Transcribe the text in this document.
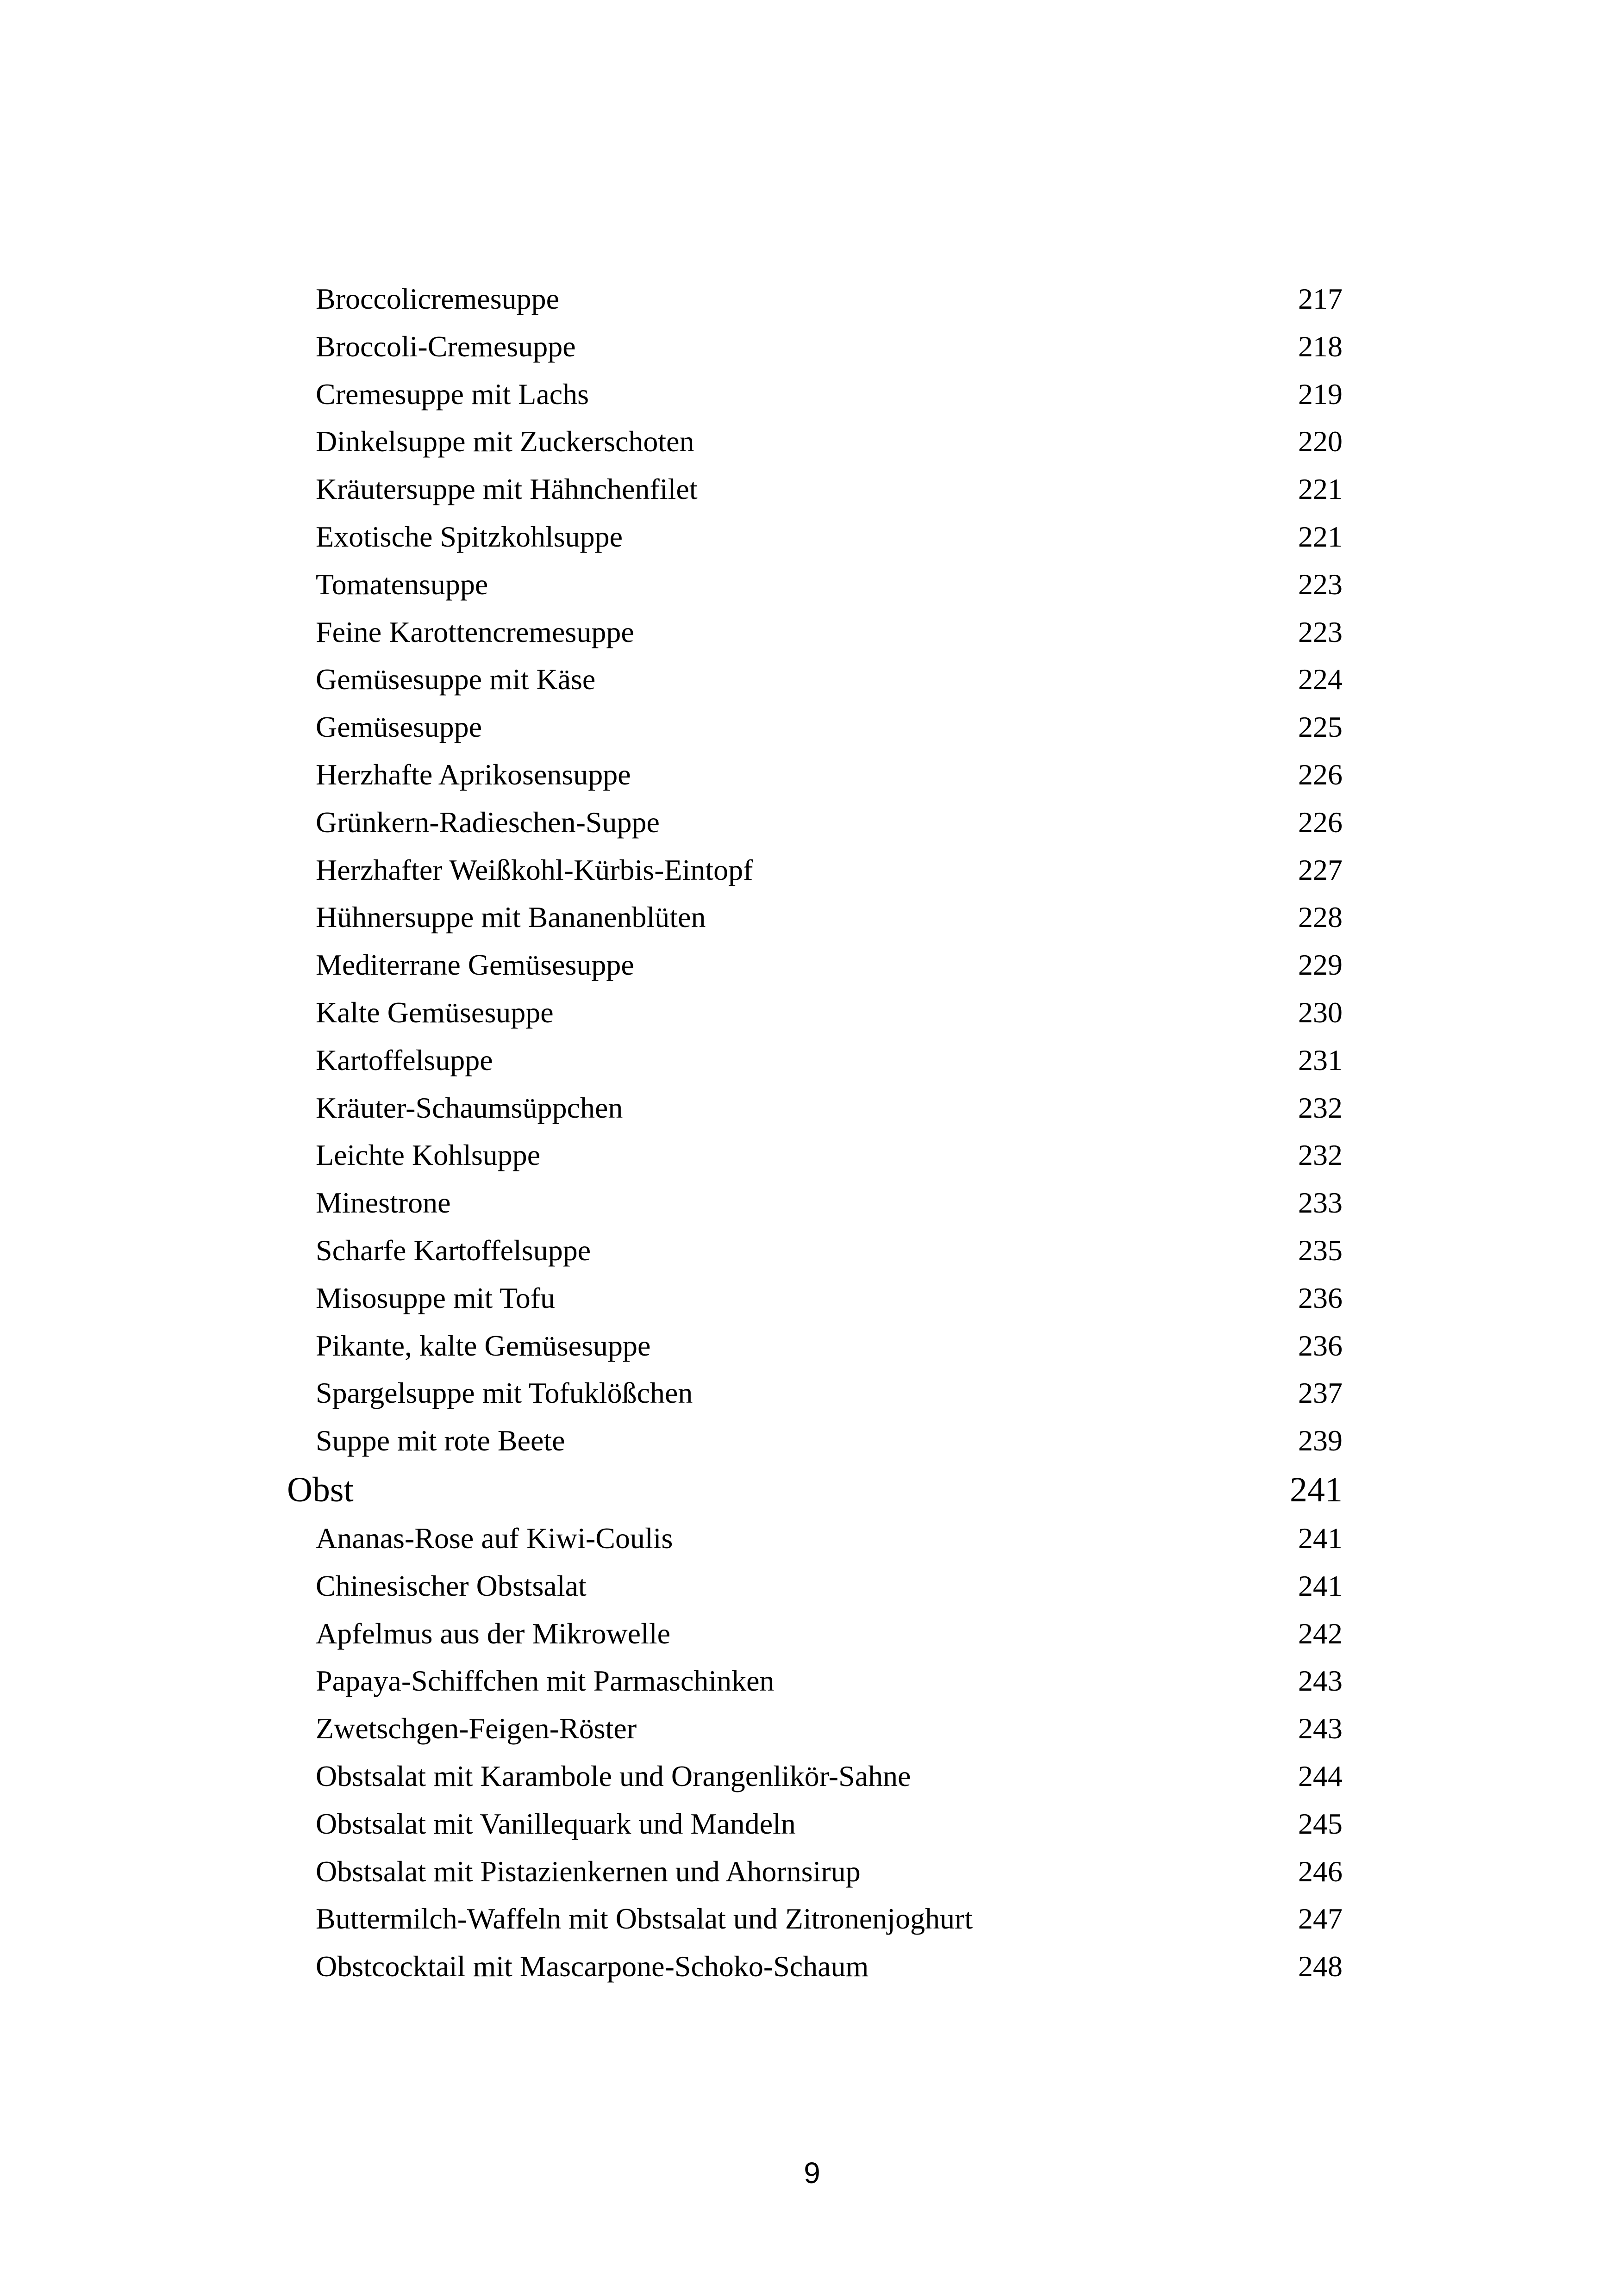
Broccolicremesuppe	217
Broccoli-Cremesuppe	218
Cremesuppe mit Lachs	219
Dinkelsuppe mit Zuckerschoten	220
Kräutersuppe mit Hähnchenfilet	221
Exotische Spitzkohlsuppe	221
Tomatensuppe	223
Feine Karottencremesuppe	223
Gemüsesuppe mit Käse	224
Gemüsesuppe	225
Herzhafte Aprikosensuppe	226
Grünkern-Radieschen-Suppe	226
Herzhafter Weißkohl-Kürbis-Eintopf	227
Hühnersuppe mit Bananenblüten	228
Mediterrane Gemüsesuppe	229
Kalte Gemüsesuppe	230
Kartoffelsuppe	231
Kräuter-Schaumsüppchen	232
Leichte Kohlsuppe	232
Minestrone	233
Scharfe Kartoffelsuppe	235
Misosuppe mit Tofu	236
Pikante, kalte Gemüsesuppe	236
Spargelsuppe mit Tofuklößchen	237
Suppe mit rote Beete	239
Obst	241
Ananas-Rose auf Kiwi-Coulis	241
Chinesischer Obstsalat	241
Apfelmus aus der Mikrowelle	242
Papaya-Schiffchen mit Parmaschinken	243
Zwetschgen-Feigen-Röster	243
Obstsalat mit Karambole und Orangenlikör-Sahne	244
Obstsalat mit Vanillequark und Mandeln	245
Obstsalat mit Pistazienkernen und Ahornsirup	246
Buttermilch-Waffeln mit Obstsalat und Zitronenjoghurt	247
Obstcocktail mit Mascarpone-Schoko-Schaum	248
9
